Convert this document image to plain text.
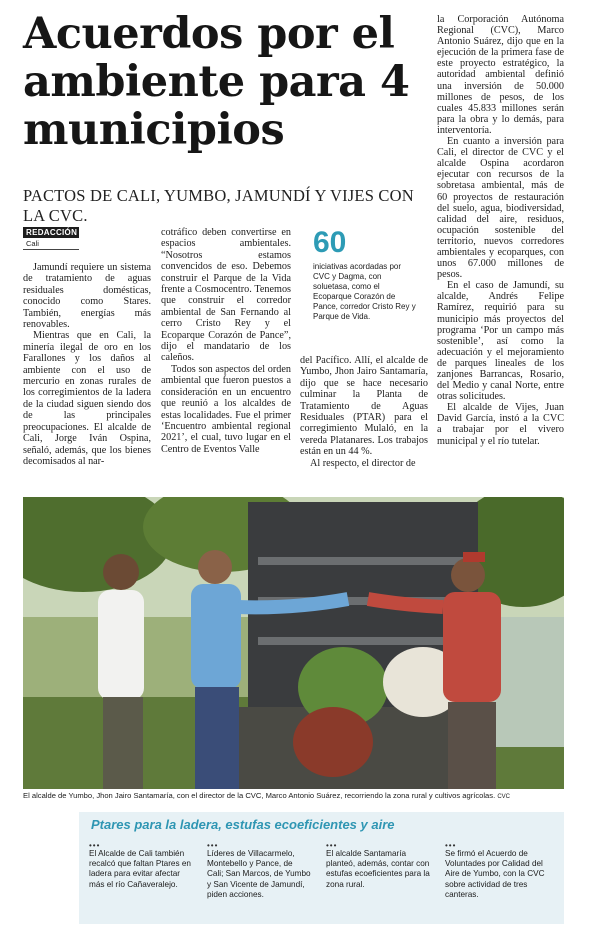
Acuerdos por el ambiente para 4 municipios
PACTOS DE CALI, YUMBO, JAMUNDÍ Y VIJES CON LA CVC.
REDACCIÓN
Cali

Jamundí requiere un sistema de tratamiento de aguas residuales domésticas, conocido como Stares. También, energías más renovables.

Mientras que en Cali, la minería ilegal de oro en los Farallones y los daños al ambiente con el uso de mercurio en zonas rurales de los corregimientos de la ladera de la ciudad siguen siendo dos de las principales preocupaciones. El alcalde de Cali, Jorge Iván Ospina, señaló, además, que los bienes decomisados al nar-

cotráfico deben convertirse en espacios ambientales. “Nosotros estamos convencidos de eso. Debemos construir el Parque de la Vida frente a Cosmocentro. Tenemos que construir el corredor ambiental de San Fernando al cerro Cristo Rey y el Ecoparque Corazón de Pance”, dijo el mandatario de los caleños.

Todos son aspectos del orden ambiental que fueron puestos a consideración en un encuentro que reunió a los alcaldes de estas localidades. Fue el primer ‘Encuentro ambiental regional 2021’, el cual, tuvo lugar en el Centro de Eventos Valle

60
iniciativas acordadas por CVC y Dagma, con soluetasa, como el Ecoparque Corazón de Pance, corredor Cristo Rey y Parque de Vida.

del Pacífico. Allí, el alcalde de Yumbo, Jhon Jairo Santamaría, dijo que se hace necesario culminar la Planta de Tratamiento de Aguas Residuales (PTAR) para el corregimiento Mulaló, en la vereda Platanares. Los trabajos están en un 44 %.

Al respecto, el director de

la Corporación Autónoma Regional (CVC), Marco Antonio Suárez, dijo que en la ejecución de la primera fase de este proyecto estratégico, la autoridad ambiental definió una inversión de 50.000 millones de pesos, de los cuales 45.833 millones serán para la obra y lo demás, para interventoría.

En cuanto a inversión para Cali, el director de CVC y el alcalde Ospina acordaron ejecutar con recursos de la sobretasa ambiental, más de 60 proyectos de restauración del suelo, agua, biodiversidad, calidad del aire, residuos, ocupación sostenible del territorio, nuevos corredores ambientales y ecoparques, con unos 67.000 millones de pesos.

En el caso de Jamundí, su alcalde, Andrés Felipe Ramírez, requirió para su municipio más proyectos del programa ‘Por un campo más sostenible’, así como la adecuación y el mejoramiento de parques lineales de los zanjones Barrancas, Rosario, del Medio y canal Norte, entre otras solicitudes.

El alcalde de Vijes, Juan David García, instó a la CVC a trabajar por el vivero municipal y el río tutelar.

El alcalde de Yumbo, Jhon Jairo Santamaría, con el director de la CVC, Marco Antonio Suárez, recorriendo la zona rural y cultivos agrícolas. CVC
Ptares para la ladera, estufas ecoeficientes y aire
•••
El Alcalde de Cali también recalcó que faltan Ptares en ladera para evitar afectar más el río Cañaveralejo.
•••
Líderes de Villacarmelo, Montebello y Pance, de Cali; San Marcos, de Yumbo y San Vicente de Jamundí, piden acciones.
•••
El alcalde Santamaría planteó, además, contar con estufas ecoeficientes para la zona rural.
•••
Se firmó el Acuerdo de Voluntades por Calidad del Aire de Yumbo, con la CVC sobre actividad de tres canteras.
